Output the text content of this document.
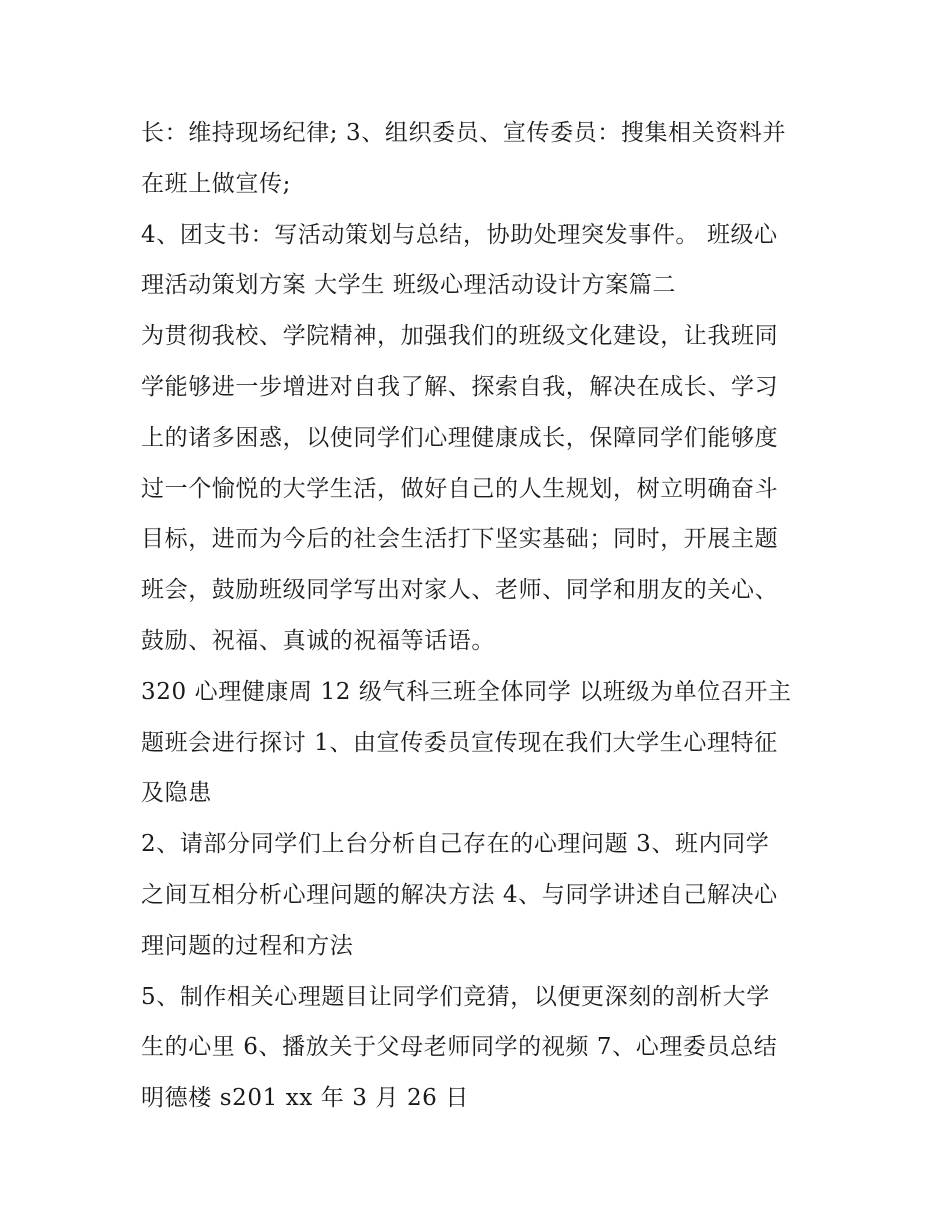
长：维持现场纪律; 3、组织委员、宣传委员：搜集相关资料并
在班上做宣传;
4、团支书：写活动策划与总结，协助处理突发事件。 班级心
理活动策划方案 大学生 班级心理活动设计方案篇二
为贯彻我校、学院精神，加强我们的班级文化建设，让我班同
学能够进一步增进对自我了解、探索自我，解决在成长、学习
上的诸多困惑，以使同学们心理健康成长，保障同学们能够度
过一个愉悦的大学生活，做好自己的人生规划，树立明确奋斗
目标，进而为今后的社会生活打下坚实基础；同时，开展主题
班会，鼓励班级同学写出对家人、老师、同学和朋友的关心、
鼓励、祝福、真诚的祝福等话语。
320 心理健康周 12 级气科三班全体同学 以班级为单位召开主
题班会进行探讨 1、由宣传委员宣传现在我们大学生心理特征
及隐患
2、请部分同学们上台分析自己存在的心理问题 3、班内同学
之间互相分析心理问题的解决方法 4、与同学讲述自己解决心
理问题的过程和方法
5、制作相关心理题目让同学们竞猜，以便更深刻的剖析大学
生的心里 6、播放关于父母老师同学的视频 7、心理委员总结
明德楼 s201 xx 年 3 月 26 日
